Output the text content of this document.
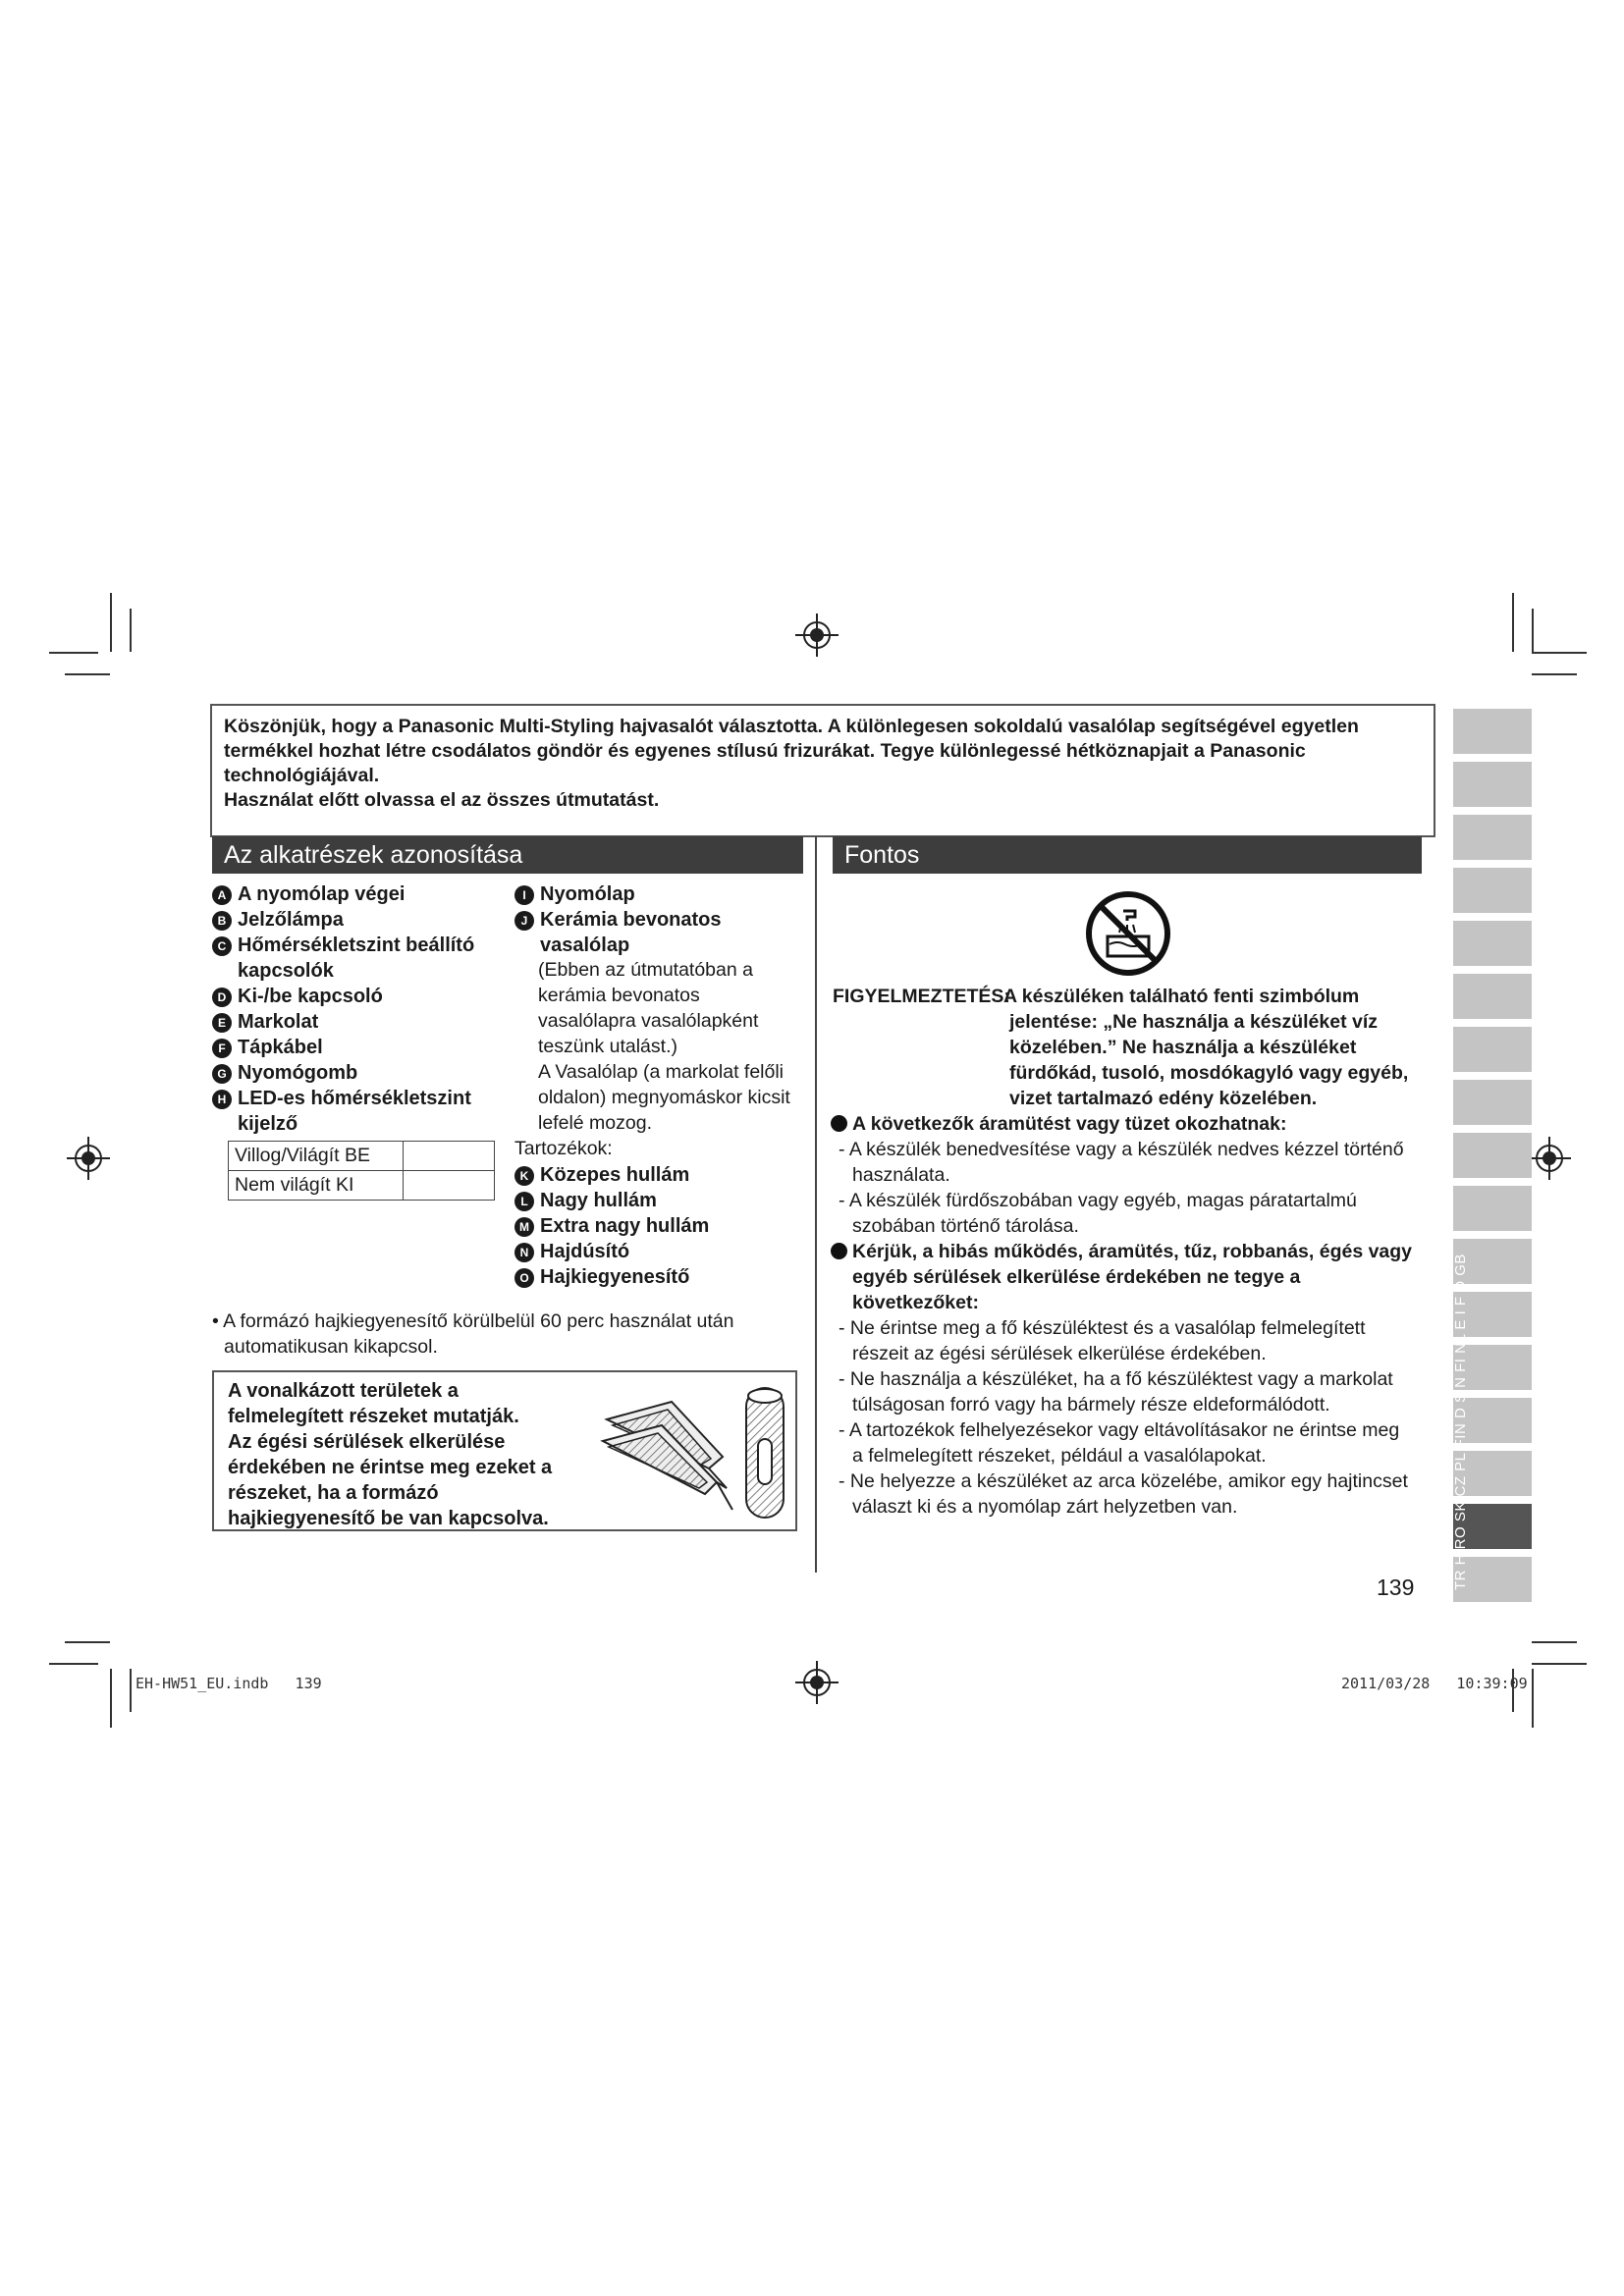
Köszönjük, hogy a Panasonic Multi-Styling hajvasalót választotta. A különlegesen sokoldalú vasalólap segítségével egyetlen

termékkel hozhat létre csodálatos göndör és egyenes stílusú frizurákat. Tegye különlegessé hétköznapjait a Panasonic

technológiájával.

Használat előtt olvassa el az összes útmutatást.

Az alkatrészek azonosítása	Fontos
A A nyomólap végei
B Jelzőlámpa
C Hőmérsékletszint beállító
kapcsolók
D Ki-/be kapcsoló
E Markolat
F Tápkábel
G Nyomógomb
H LED-es hőmérsékletszint
kijelző
Villog/Világít BE	
Nem világít KI	
I Nyomólap
J Kerámia bevonatos
vasalólap
(Ebben az útmutatóban a
kerámia bevonatos
vasalólapra vasalólapként
teszünk utalást.)
A Vasalólap (a markolat felőli
oldalon) megnyomáskor kicsit
lefelé mozog.
Tartozékok:
K Közepes hullám
L Nagy hullám
M Extra nagy hullám
N Hajdúsító
O Hajkiegyenesítő
• A formázó hajkiegyenesítő körülbelül 60 perc használat után
automatikusan kikapcsol.
A vonalkázott területek a
felmelegített részeket mutatják.
Az égési sérülések elkerülése
érdekében ne érintse meg ezeket a
részeket, ha a formázó
hajkiegyenesítő be van kapcsolva.
FIGYELMEZTETÉS:
A készüléken található fenti szimbólum
jelentése: „Ne használja a készüléket víz
közelében.” Ne használja a készüléket
fürdőkád, tusoló, mosdókagyló vagy egyéb,
vizet tartalmazó edény közelében.
A következők áramütést vagy tüzet okozhatnak:
- A készülék benedvesítése vagy a készülék nedves kézzel történő
használata.
- A készülék fürdőszobában vagy egyéb, magas páratartalmú
szobában történő tárolása.
Kérjük, a hibás működés, áramütés, tűz, robbanás, égés vagy
egyéb sérülések elkerülése érdekében ne tegye a
következőket:
- Ne érintse meg a fő készüléktest és a vasalólap felmelegített
részeit az égési sérülések elkerülése érdekében.
- Ne használja a készüléket, ha a fő készüléktest vagy a markolat
túlságosan forró vagy ha bármely része eldeformálódott.
- A tartozékok felhelyezésekor vagy eltávolításakor ne érintse meg
a felmelegített részeket, például a vasalólapokat.
- Ne helyezze a készüléket az arca közelébe, amikor egy hajtincset
választ ki és a nyomólap zárt helyzetben van.
139	TR H RO SK CZ PL FIN D S N FI NL E I F D GB
EH-HW51_EU.indb   139	2011/03/28   10:39:09
